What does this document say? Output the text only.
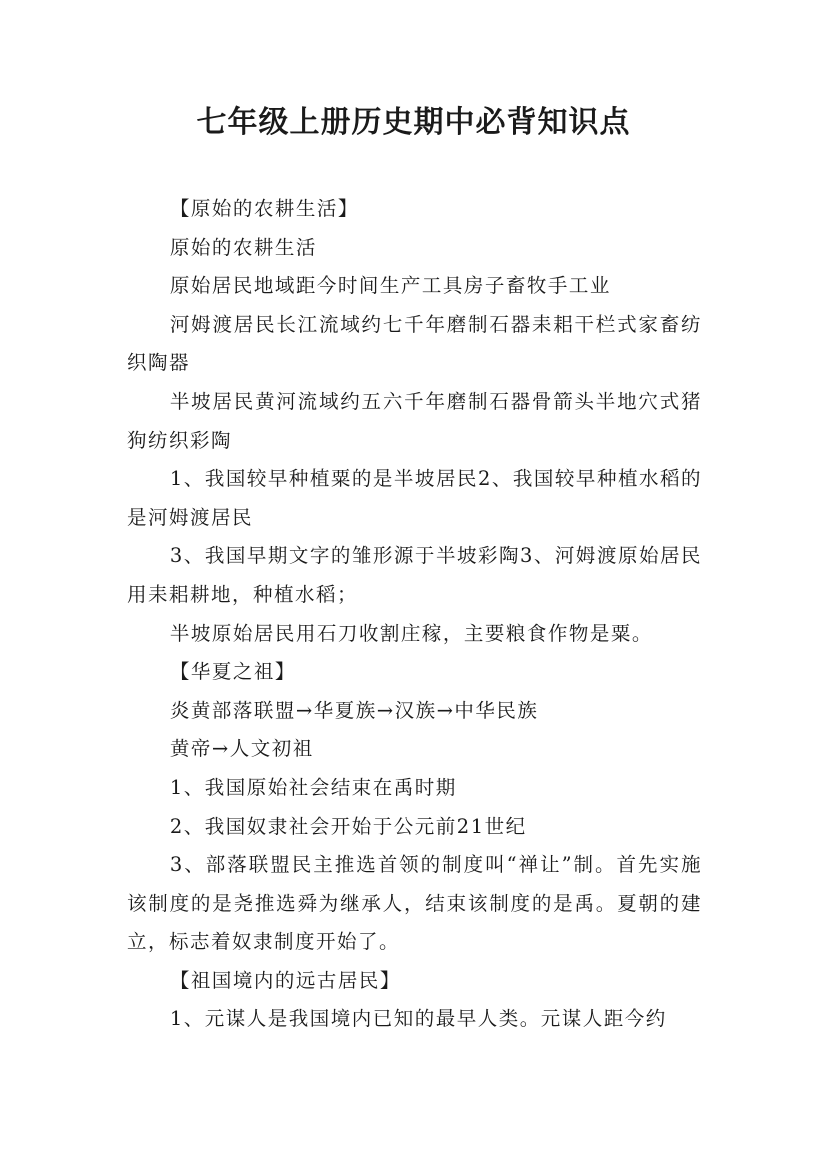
七年级上册历史期中必背知识点

【原始的农耕生活】

原始的农耕生活

原始居民地域距今时间生产工具房子畜牧手工业

河姆渡居民长江流域约七千年磨制石器耒耜干栏式家畜纺织陶器

半坡居民黄河流域约五六千年磨制石器骨箭头半地穴式猪狗纺织彩陶

1、我国较早种植粟的是半坡居民2、我国较早种植水稻的是河姆渡居民

3、我国早期文字的雏形源于半坡彩陶3、河姆渡原始居民用耒耜耕地，种植水稻；

半坡原始居民用石刀收割庄稼，主要粮食作物是粟。

【华夏之祖】

炎黄部落联盟→华夏族→汉族→中华民族

黄帝→人文初祖

1、我国原始社会结束在禹时期

2、我国奴隶社会开始于公元前21世纪

3、部落联盟民主推选首领的制度叫“禅让”制。首先实施该制度的是尧推选舜为继承人，结束该制度的是禹。夏朝的建立，标志着奴隶制度开始了。

【祖国境内的远古居民】

1、元谋人是我国境内已知的最早人类。元谋人距今约
